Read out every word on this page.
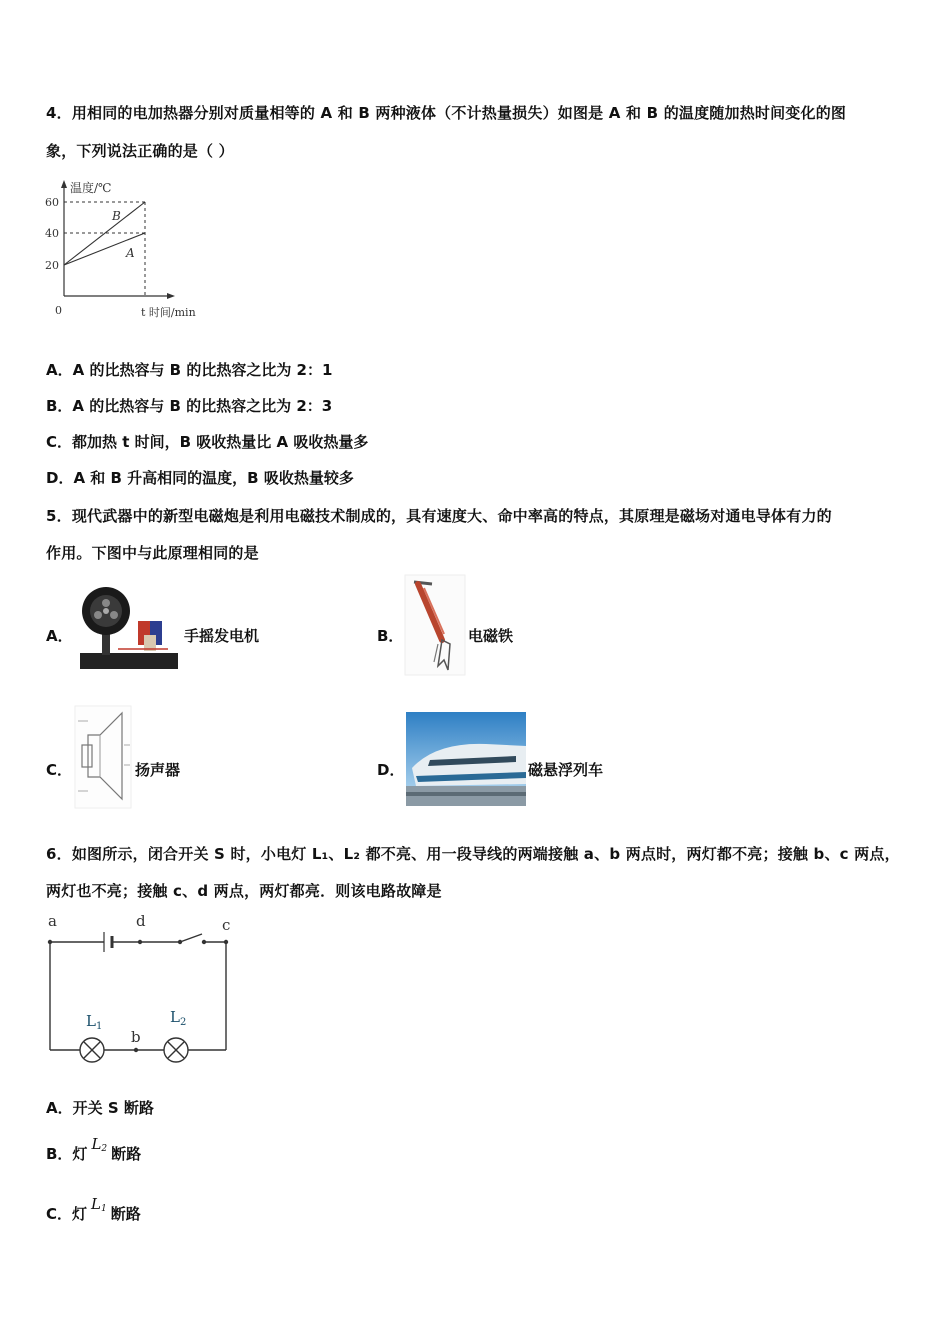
4．用相同的电加热器分别对质量相等的 A 和 B 两种液体（不计热量损失）如图是 A 和 B 的温度随加热时间变化的图
象，下列说法正确的是（ ）
温度/℃
60
40
20
0	t 时间/min
B
A
A．A 的比热容与 B 的比热容之比为 2：1
B．A 的比热容与 B 的比热容之比为 2：3
C．都加热 t 时间，B 吸收热量比 A 吸收热量多
D．A 和 B 升高相同的温度，B 吸收热量较多
5．现代武器中的新型电磁炮是利用电磁技术制成的，具有速度大、命中率高的特点，其原理是磁场对通电导体有力的
作用。下图中与此原理相同的是
A．	手摇发电机	B．	电磁铁
C．	扬声器	D．	磁悬浮列车
6．如图所示，闭合开关 S 时，小电灯 L₁、L₂ 都不亮、用一段导线的两端接触 a、b 两点时，两灯都不亮；接触 b、c 两点，
两灯也不亮；接触 c、d 两点，两灯都亮．则该电路故障是
a	d	c
b
$L_1$
$L_2$
A．开关 S 断路
B．灯$L^2$ 断路
C．灯$L^1$ 断路
